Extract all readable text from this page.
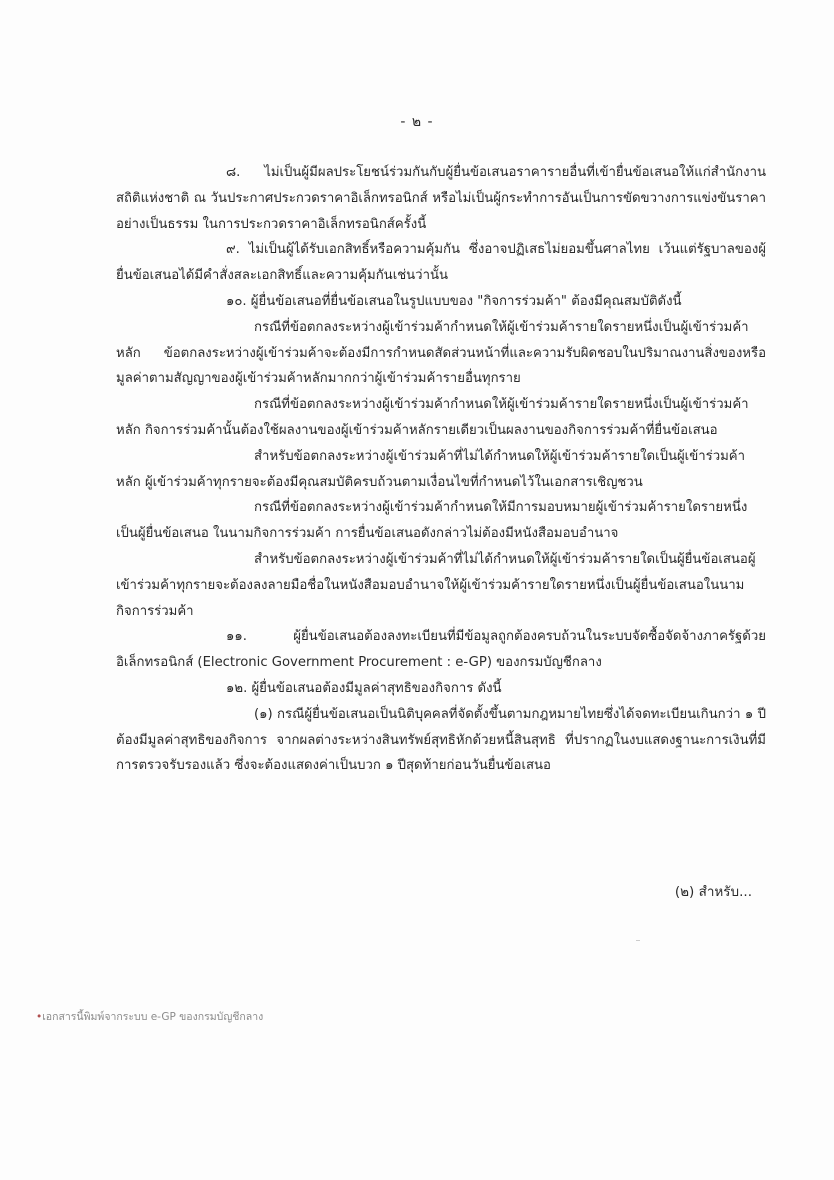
- ๒ -

๘. ไม่เป็นผู้มีผลประโยชน์ร่วมกันกับผู้ยื่นข้อเสนอราคารายอื่นที่เข้ายื่นข้อเสนอให้แก่สำนักงานสถิติแห่งชาติ ณ วันประกาศประกวดราคาอิเล็กทรอนิกส์ หรือไม่เป็นผู้กระทำการอันเป็นการขัดขวางการแข่งขันราคาอย่างเป็นธรรม ในการประกวดราคาอิเล็กทรอนิกส์ครั้งนี้

๙. ไม่เป็นผู้ได้รับเอกสิทธิ์หรือความคุ้มกัน ซึ่งอาจปฏิเสธไม่ยอมขึ้นศาลไทย เว้นแต่รัฐบาลของผู้ยื่นข้อเสนอได้มีคำสั่งสละเอกสิทธิ์และความคุ้มกันเช่นว่านั้น

๑๐. ผู้ยื่นข้อเสนอที่ยื่นข้อเสนอในรูปแบบของ "กิจการร่วมค้า" ต้องมีคุณสมบัติดังนี้

กรณีที่ข้อตกลงระหว่างผู้เข้าร่วมค้ากำหนดให้ผู้เข้าร่วมค้ารายใดรายหนึ่งเป็นผู้เข้าร่วมค้าหลัก ข้อตกลงระหว่างผู้เข้าร่วมค้าจะต้องมีการกำหนดสัดส่วนหน้าที่และความรับผิดชอบในปริมาณงานสิ่งของหรือมูลค่าตามสัญญาของผู้เข้าร่วมค้าหลักมากกว่าผู้เข้าร่วมค้ารายอื่นทุกราย

กรณีที่ข้อตกลงระหว่างผู้เข้าร่วมค้ากำหนดให้ผู้เข้าร่วมค้ารายใดรายหนึ่งเป็นผู้เข้าร่วมค้าหลัก กิจการร่วมค้านั้นต้องใช้ผลงานของผู้เข้าร่วมค้าหลักรายเดียวเป็นผลงานของกิจการร่วมค้าที่ยื่นข้อเสนอ

สำหรับข้อตกลงระหว่างผู้เข้าร่วมค้าที่ไม่ได้กำหนดให้ผู้เข้าร่วมค้ารายใดเป็นผู้เข้าร่วมค้าหลัก ผู้เข้าร่วมค้าทุกรายจะต้องมีคุณสมบัติครบถ้วนตามเงื่อนไขที่กำหนดไว้ในเอกสารเชิญชวน

กรณีที่ข้อตกลงระหว่างผู้เข้าร่วมค้ากำหนดให้มีการมอบหมายผู้เข้าร่วมค้ารายใดรายหนึ่งเป็นผู้ยื่นข้อเสนอ ในนามกิจการร่วมค้า การยื่นข้อเสนอดังกล่าวไม่ต้องมีหนังสือมอบอำนาจ

สำหรับข้อตกลงระหว่างผู้เข้าร่วมค้าที่ไม่ได้กำหนดให้ผู้เข้าร่วมค้ารายใดเป็นผู้ยื่นข้อเสนอผู้เข้าร่วมค้าทุกรายจะต้องลงลายมือชื่อในหนังสือมอบอำนาจให้ผู้เข้าร่วมค้ารายใดรายหนึ่งเป็นผู้ยื่นข้อเสนอในนามกิจการร่วมค้า

๑๑. ผู้ยื่นข้อเสนอต้องลงทะเบียนที่มีข้อมูลถูกต้องครบถ้วนในระบบจัดซื้อจัดจ้างภาครัฐด้วยอิเล็กทรอนิกส์ (Electronic Government Procurement : e-GP) ของกรมบัญชีกลาง

๑๒. ผู้ยื่นข้อเสนอต้องมีมูลค่าสุทธิของกิจการ ดังนี้

(๑) กรณีผู้ยื่นข้อเสนอเป็นนิติบุคคลที่จัดตั้งขึ้นตามกฎหมายไทยซึ่งได้จดทะเบียนเกินกว่า ๑ ปี ต้องมีมูลค่าสุทธิของกิจการ จากผลต่างระหว่างสินทรัพย์สุทธิหักด้วยหนี้สินสุทธิ ที่ปรากฏในงบแสดงฐานะการเงินที่มีการตรวจรับรองแล้ว ซึ่งจะต้องแสดงค่าเป็นบวก ๑ ปีสุดท้ายก่อนวันยื่นข้อเสนอ

(๒) สำหรับ...
•เอกสารนี้พิมพ์จากระบบ e-GP ของกรมบัญชีกลาง
